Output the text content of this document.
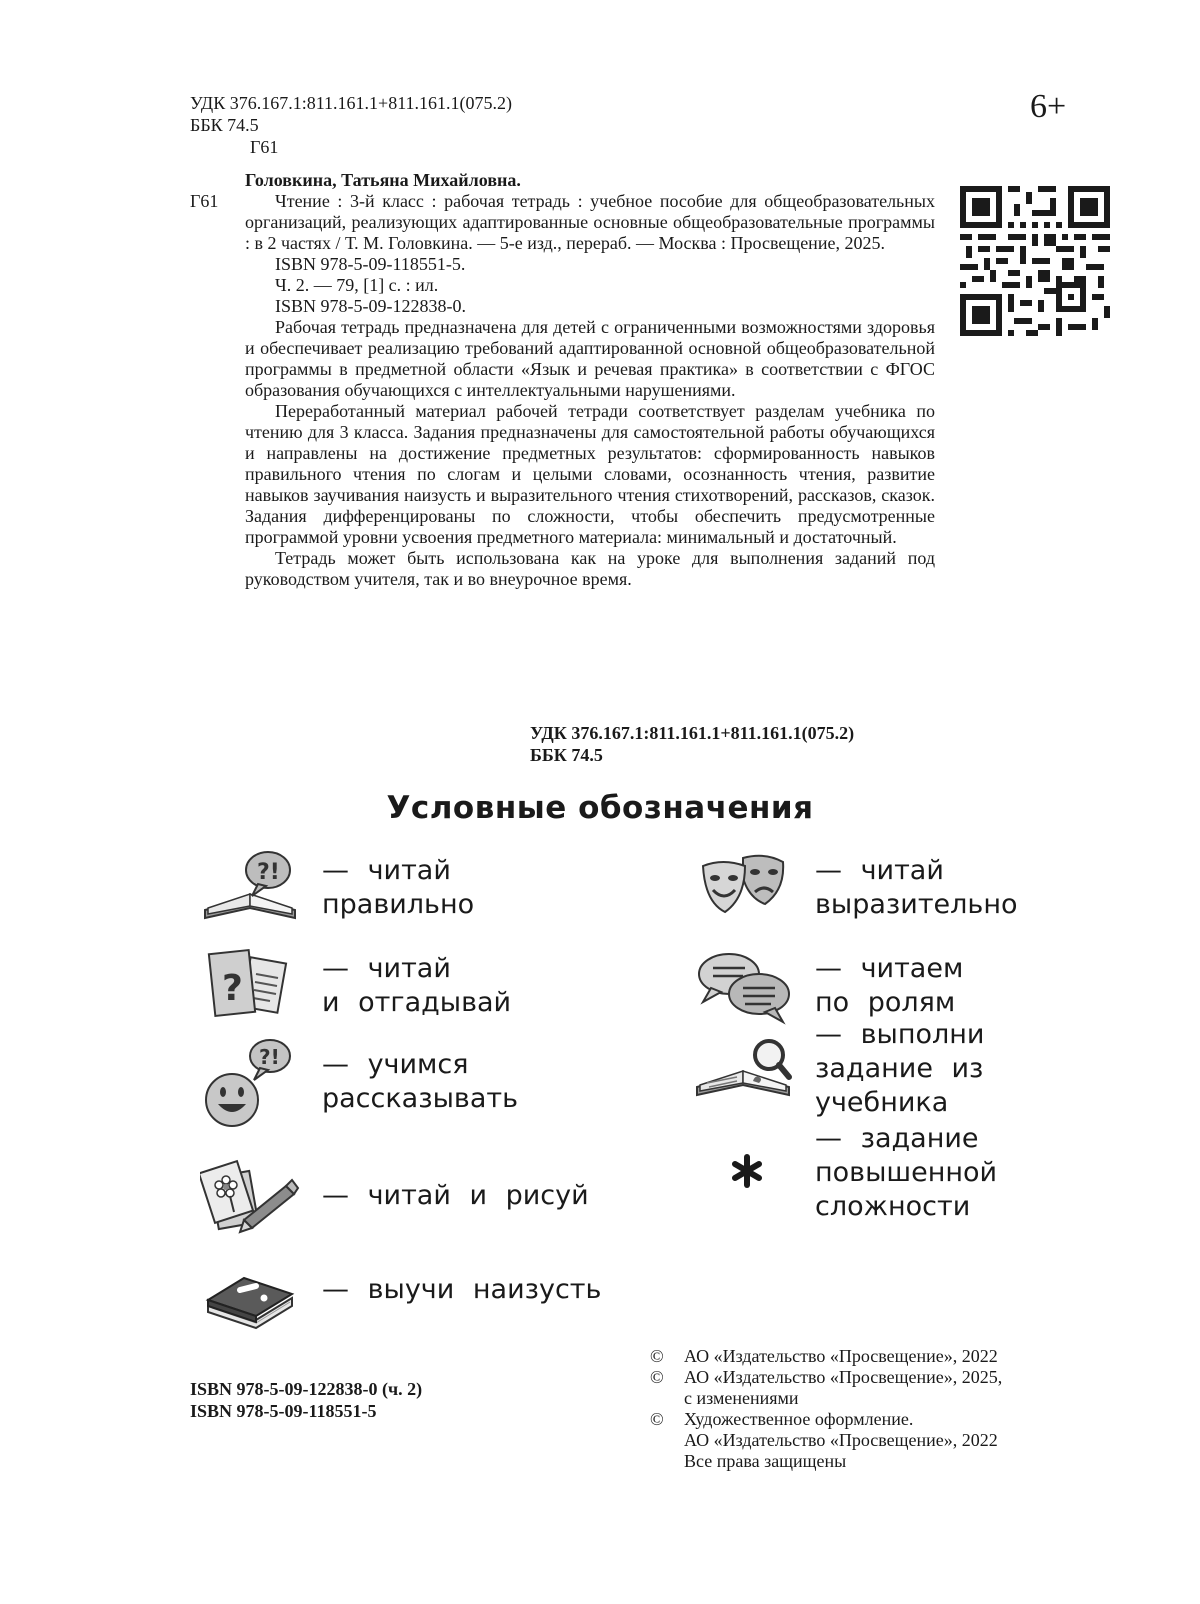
УДК 376.167.1:811.161.1+811.161.1(075.2)
ББК 74.5
Г61
6+
Головкина, Татьяна Михайловна.
Г61	Чтение : 3-й класс : рабочая тетрадь : учебное пособие для общеобразовательных организаций, реализующих адаптированные основные общеобразовательные программы : в 2 частях / Т. М. Головкина. — 5-е изд., перераб. — Москва : Просвещение, 2025.

ISBN 978-5-09-118551-5.

Ч. 2. — 79, [1] с. : ил.

ISBN 978-5-09-122838-0.

Рабочая тетрадь предназначена для детей с ограниченными возможностями здоровья и обеспечивает реализацию требований адаптированной основной общеобразовательной программы в предметной области «Язык и речевая практика» в соответствии с ФГОС образования обучающихся с интеллектуальными нарушениями.

Переработанный материал рабочей тетради соответствует разделам учебника по чтению для 3 класса. Задания предназначены для самостоятельной работы обучающихся и направлены на достижение предметных результатов: сформированность навыков правильного чтения по слогам и целыми словами, осознанность чтения, развитие навыков заучивания наизусть и выразительного чтения стихотворений, рассказов, сказок. Задания дифференцированы по сложности, чтобы обеспечить предусмотренные программой уровни усвоения предметного материала: минимальный и достаточный.

Тетрадь может быть использована как на уроке для выполнения заданий под руководством учителя, так и во внеурочное время.

УДК 376.167.1:811.161.1+811.161.1(075.2)
ББК 74.5
Условные обозначения
?! — читай
правильно
— читай
выразительно
?	— читай
и отгадывай
— читаем
по ролям
?! — учимся
рассказывать
— выполни
задание из
учебника
— читай и рисуй
— задание
повышенной
сложности
— выучи наизусть
ISBN 978-5-09-122838-0 (ч. 2)
ISBN 978-5-09-118551-5
©	АО «Издательство «Просвещение», 2022
©	АО «Издательство «Просвещение», 2025,
с изменениями
©	Художественное оформление.
АО «Издательство «Просвещение», 2022
Все права защищены
